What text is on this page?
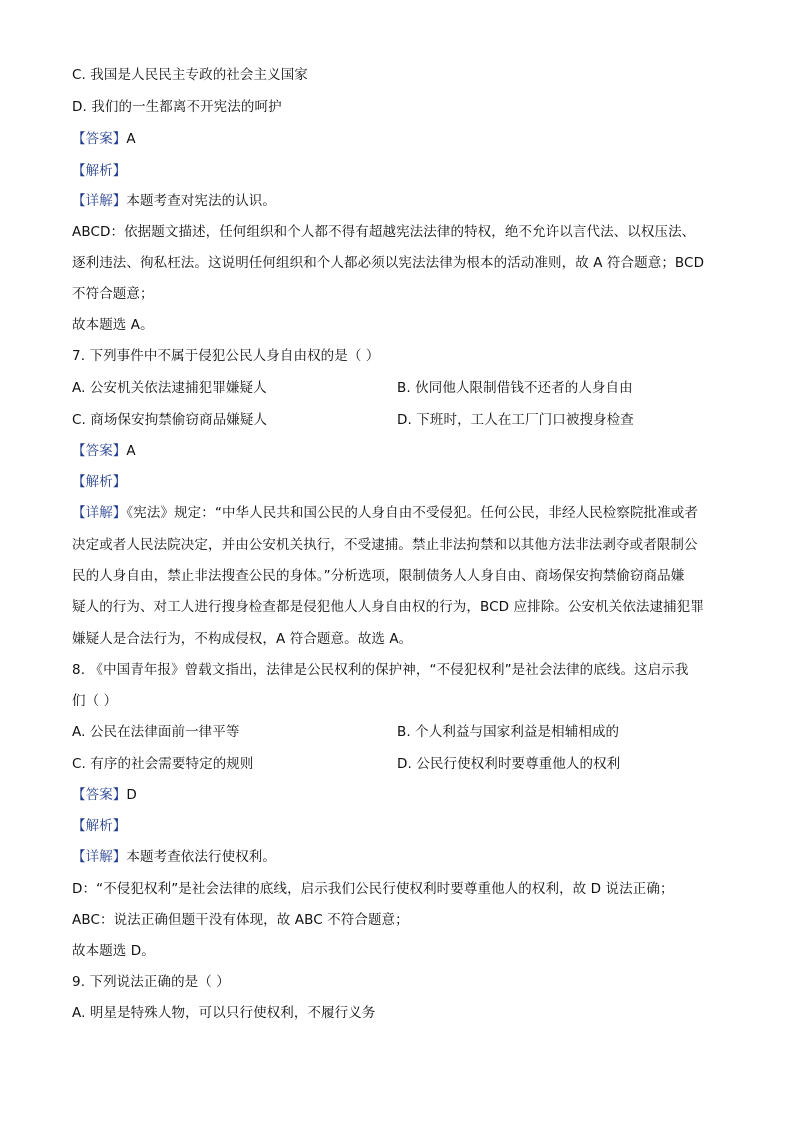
C. 我国是人民民主专政的社会主义国家
D. 我们的一生都离不开宪法的呵护
【答案】A
【解析】
【详解】本题考查对宪法的认识。
ABCD：依据题文描述，任何组织和个人都不得有超越宪法法律的特权，绝不允许以言代法、以权压法、
逐利违法、徇私枉法。这说明任何组织和个人都必须以宪法法律为根本的活动准则，故 A 符合题意；BCD
不符合题意；
故本题选 A。
7. 下列事件中不属于侵犯公民人身自由权的是（ ）
A. 公安机关依法逮捕犯罪嫌疑人	B. 伙同他人限制借钱不还者的人身自由
C. 商场保安拘禁偷窃商品嫌疑人	D. 下班时，工人在工厂门口被搜身检查
【答案】A
【解析】
【详解】《宪法》规定：“中华人民共和国公民的人身自由不受侵犯。任何公民，非经人民检察院批准或者
决定或者人民法院决定，并由公安机关执行，不受逮捕。禁止非法拘禁和以其他方法非法剥夺或者限制公
民的人身自由，禁止非法搜查公民的身体。”分析选项，限制债务人人身自由、商场保安拘禁偷窃商品嫌
疑人的行为、对工人进行搜身检查都是侵犯他人人身自由权的行为，BCD 应排除。公安机关依法逮捕犯罪
嫌疑人是合法行为，不构成侵权，A 符合题意。故选 A。
8. 《中国青年报》曾载文指出，法律是公民权利的保护神，“不侵犯权利”是社会法律的底线。这启示我
们（ ）
A. 公民在法律面前一律平等	B. 个人利益与国家利益是相辅相成的
C. 有序的社会需要特定的规则	D. 公民行使权利时要尊重他人的权利
【答案】D
【解析】
【详解】本题考查依法行使权利。
D：“不侵犯权利”是社会法律的底线，启示我们公民行使权利时要尊重他人的权利，故 D 说法正确；
ABC：说法正确但题干没有体现，故 ABC 不符合题意；
故本题选 D。
9. 下列说法正确的是（ ）
A. 明星是特殊人物，可以只行使权利，不履行义务
